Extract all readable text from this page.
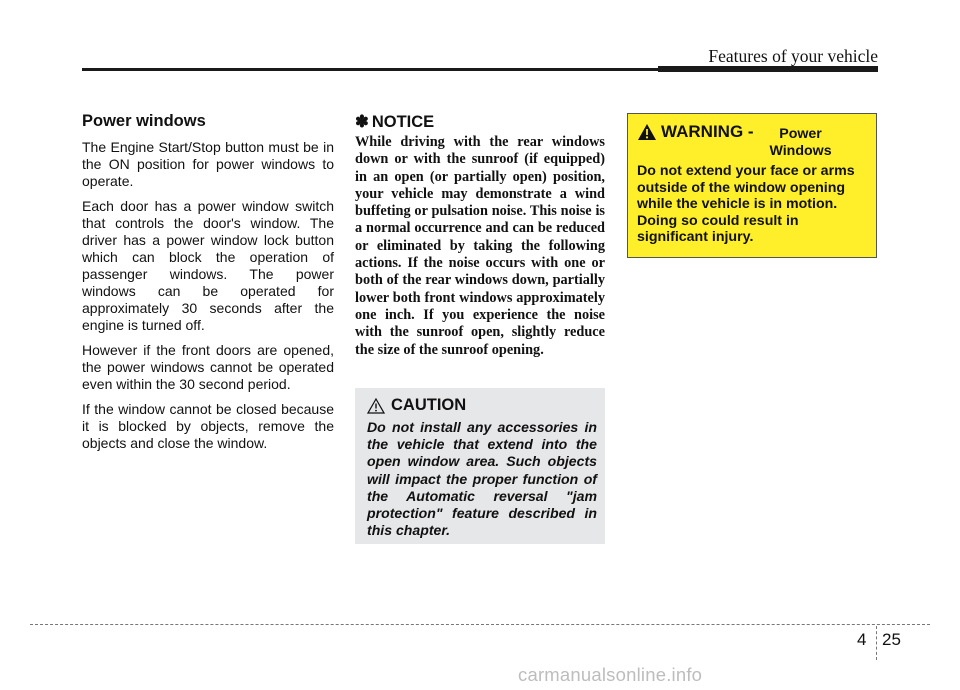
Features of your vehicle
Power windows

The Engine Start/Stop button must be in the ON position for power windows to operate.

Each door has a power window switch that controls the door's window. The driver has a power window lock button which can block the operation of passenger windows. The power windows can be operated for approximately 30 seconds after the engine is turned off.

However if the front doors are opened, the power windows cannot be operated even within the 30 second period.

If the window cannot be closed because it is blocked by objects, remove the objects and close the window.

✽ NOTICE

While driving with the rear windows down or with the sunroof (if equipped) in an open (or partially open) position, your vehicle may demonstrate a wind buffeting or pulsation noise. This noise is a normal occurrence and can be reduced or eliminated by taking the following actions. If the noise occurs with one or both of the rear windows down, partially lower both front windows approximately one inch. If you experience the noise with the sunroof open, slightly reduce the size of the sunroof opening.

CAUTION

Do not install any accessories in the vehicle that extend into the open window area. Such objects will impact the proper function of the Automatic reversal "jam protection" feature described in this chapter.

WARNING -	Power Windows

Do not extend your face or arms outside of the window opening while the vehicle is in motion. Doing so could result in significant injury.

4 25
carmanualsonline.info
